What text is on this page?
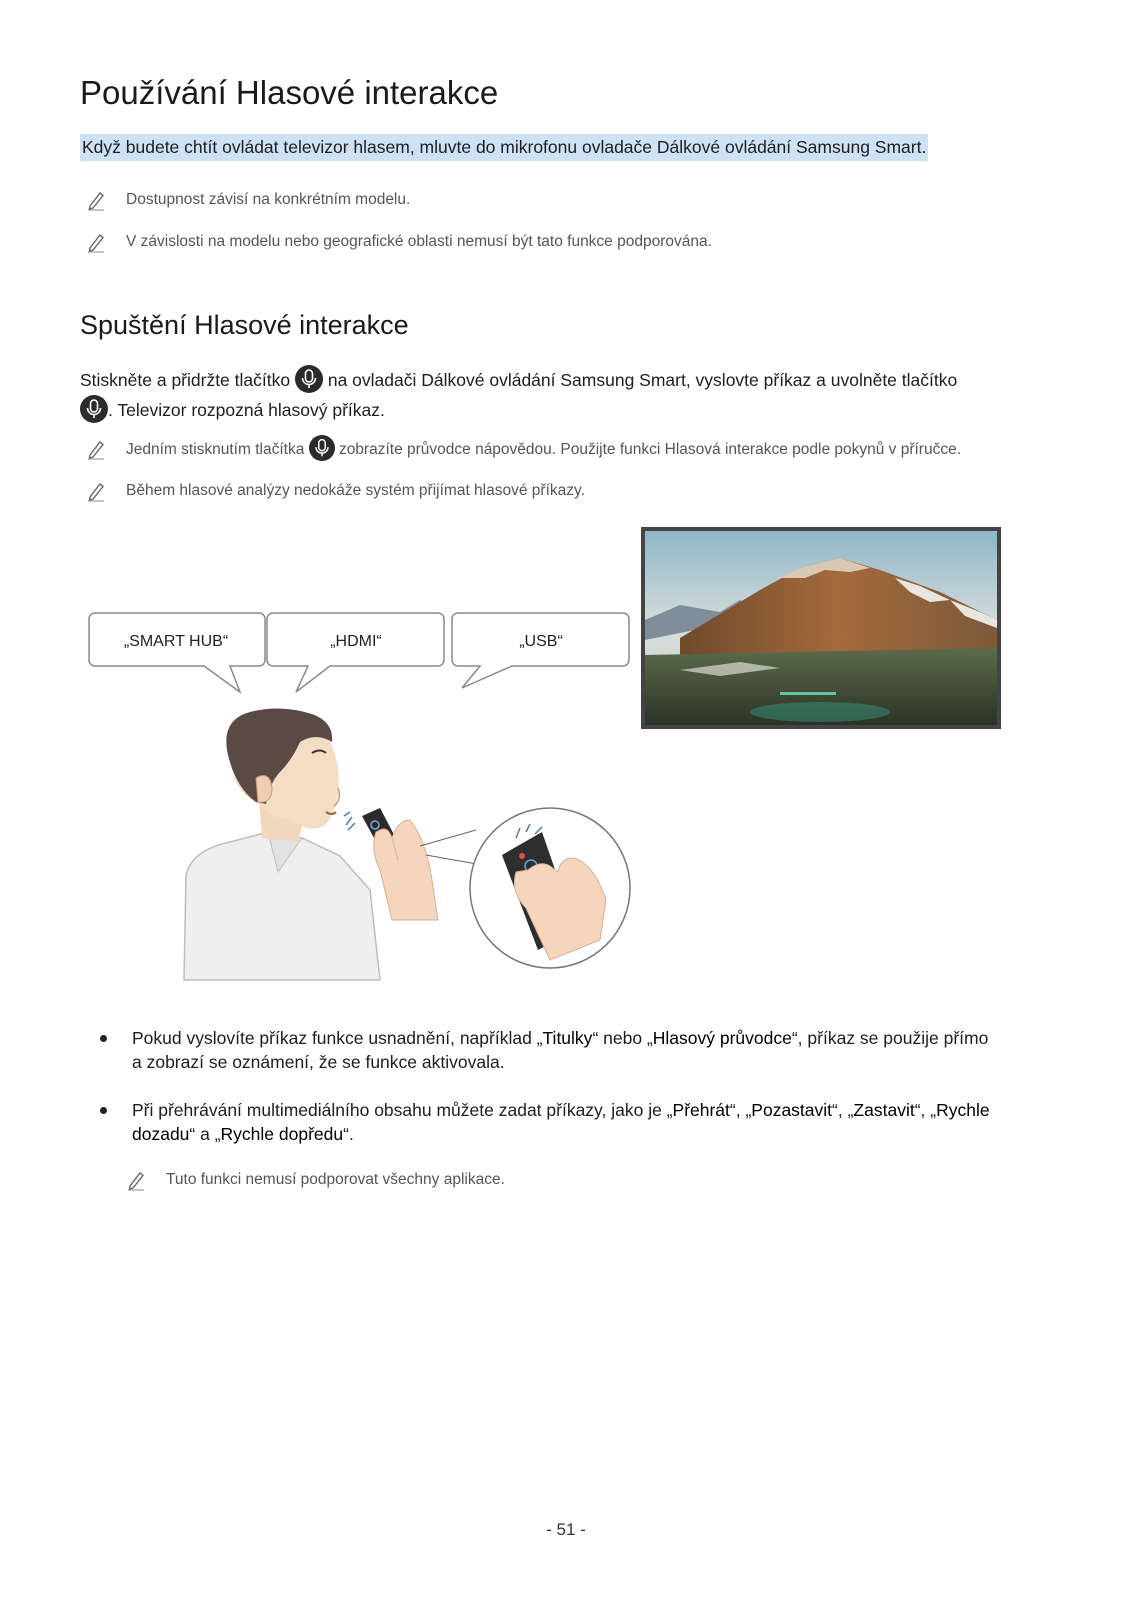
Používání Hlasové interakce
Když budete chtít ovládat televizor hlasem, mluvte do mikrofonu ovladače Dálkové ovládání Samsung Smart.
Dostupnost závisí na konkrétním modelu.
V závislosti na modelu nebo geografické oblasti nemusí být tato funkce podporována.
Spuštění Hlasové interakce
Stiskněte a přidržte tlačítko na ovladači Dálkové ovládání Samsung Smart, vyslovte příkaz a uvolněte tlačítko
. Televizor rozpozná hlasový příkaz.
Jedním stisknutím tlačítka zobrazíte průvodce nápovědou. Použijte funkci Hlasová interakce podle pokynů v příručce.
Během hlasové analýzy nedokáže systém přijímat hlasové příkazy.
„SMART HUB“	„HDMI“	„USB“
Pokud vyslovíte příkaz funkce usnadnění, například „Titulky“ nebo „Hlasový průvodce“, příkaz se použije přímo
a zobrazí se oznámení, že se funkce aktivovala.
Při přehrávání multimediálního obsahu můžete zadat příkazy, jako je „Přehrát“, „Pozastavit“, „Zastavit“, „Rychle
dozadu“ a „Rychle dopředu“.
Tuto funkci nemusí podporovat všechny aplikace.
- 51 -
